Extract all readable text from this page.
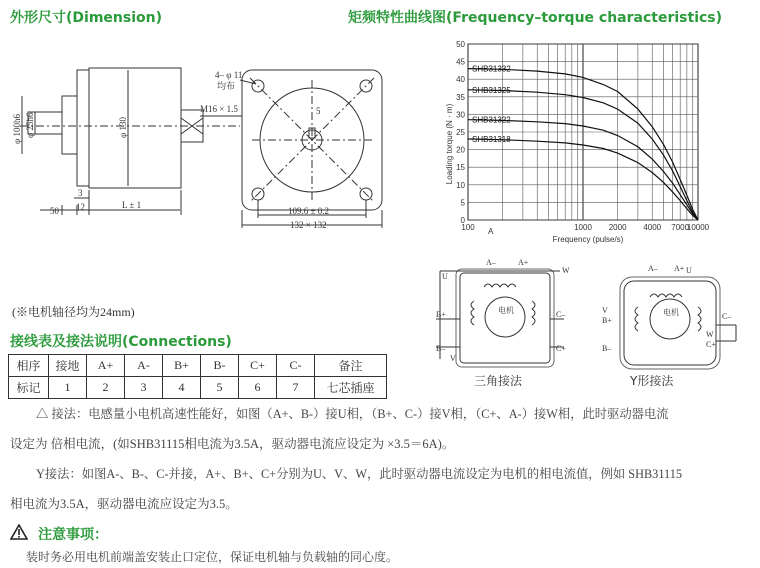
外形尺寸(Dimension)	矩频特性曲线图(Frequency–torque characteristics)
4– φ 11
均布
M16 × 1.5	5
φ 100h6 φ 25h6	φ 130
50
3
12	L ± 1
109.6 ± 0.2
132 × 132
Loading torque (N · m)
Frequency (pulse/s)
A
0
5
10
15
20
25
30
35
40
45
50
100	1000 2000 4000 7000
10000
SHB31332
SHB31325
SHB31322
SHB31318
A–	A+
W
U
B+
B–
V
C–
C+
电机
三角接法
A– A+ U
V
B+
B–
C–
W
C+
电机
Y形接法
(※电机轴径均为24mm)
接线表及接法说明(Connections)
相序	接地	A+	A-	B+	B-	C+	C-	备注
标记	1	2	3	4	5	6	7	七芯插座
△ 接法：电感量小电机高速性能好，如图（A+、B-）接U相，（B+、C-）接V相，（C+、A-）接W相，此时驱动器电流
设定为 倍相电流，(如SHB31115相电流为3.5A，驱动器电流应设定为 ×3.5＝6A)。
Y接法：如图A-、B-、C-并接，A+、B+、C+分别为U、V、W，此时驱动器电流设定为电机的相电流值，例如 SHB31115
相电流为3.5A，驱动器电流应设定为3.5。
注意事项：
装时务必用电机前端盖安装止口定位，保证电机轴与负载轴的同心度。
